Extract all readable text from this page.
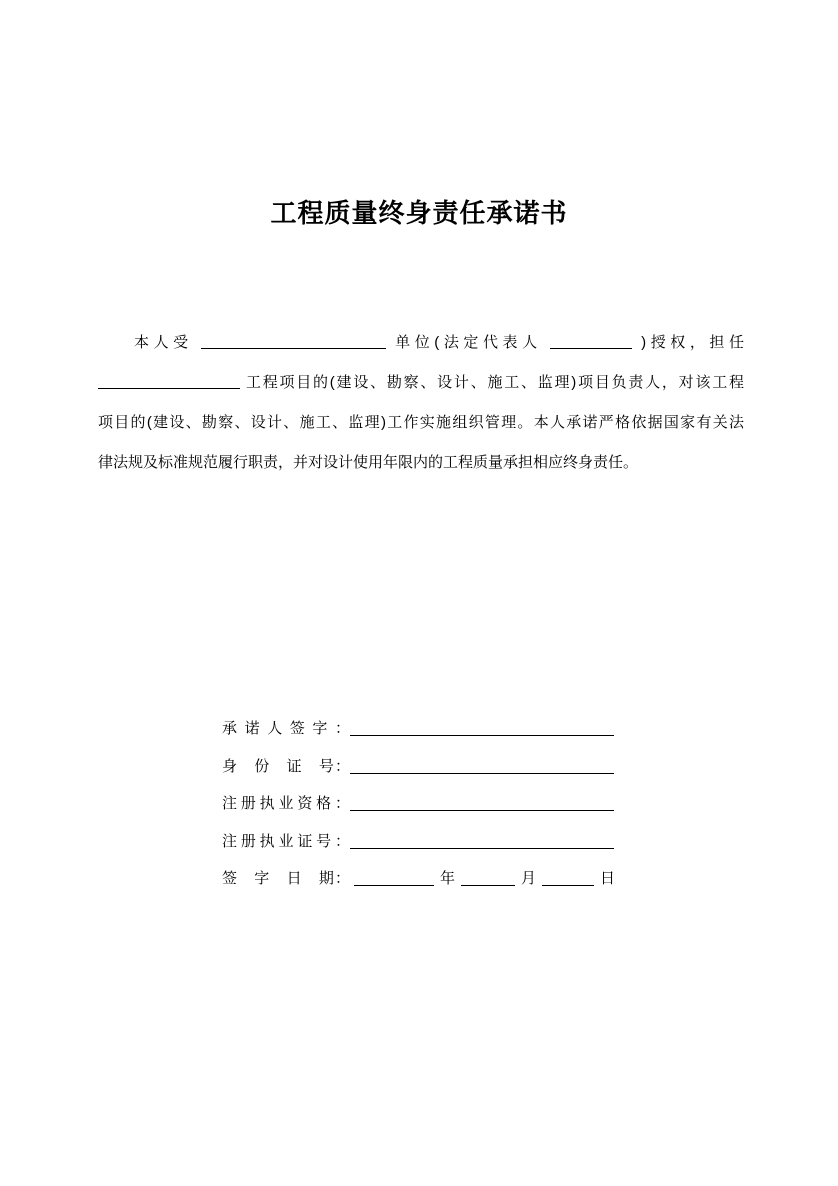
工程质量终身责任承诺书
本人受	单位(法定代表人	)授权，担任
工程项目的(建设、勘察、设计、施工、监理)项目负责人，对该工程
项目的(建设、勘察、设计、施工、监理)工作实施组织管理。本人承诺严格依据国家有关法
律法规及标准规范履行职责，并对设计使用年限内的工程质量承担相应终身责任。
承诺人签字：
身　份　证　号：
注册执业资格：
注册执业证号：
签　字　日　期：	年	月	日
